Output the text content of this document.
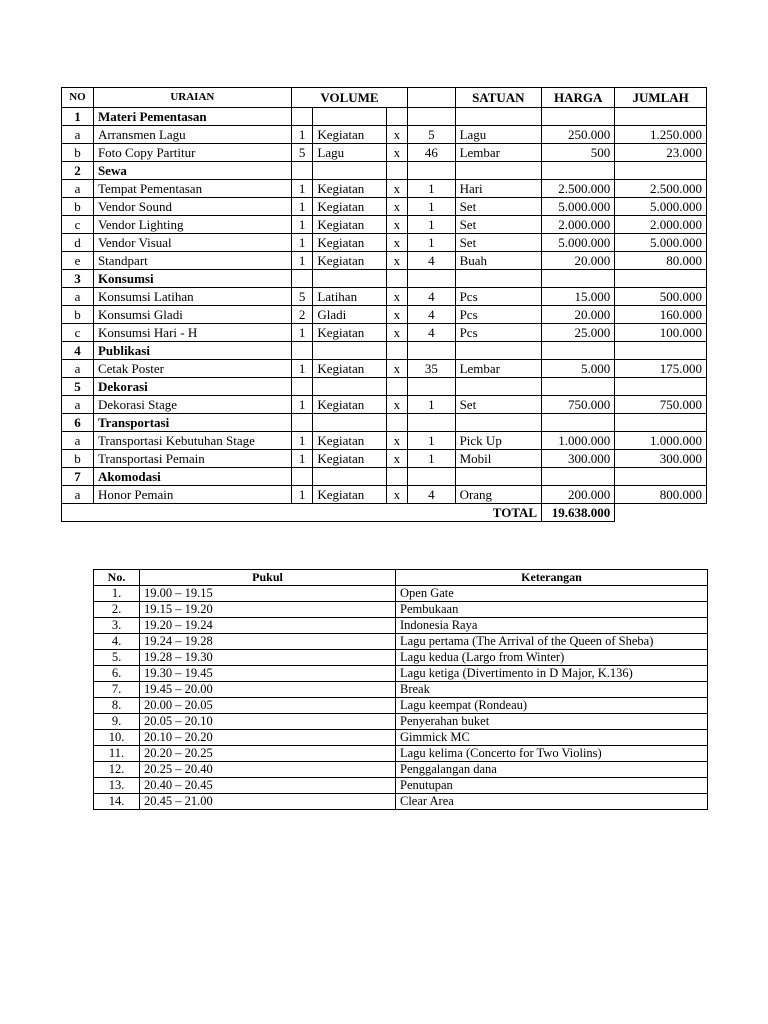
NO	URAIAN	VOLUME				SATUAN	HARGA	JUMLAH
1	Materi Pementasan							
a	Arransmen Lagu	1	Kegiatan	x	5	Lagu	250.000	1.250.000
b	Foto Copy Partitur	5	Lagu	x	46	Lembar	500	23.000
2	Sewa							
a	Tempat Pementasan	1	Kegiatan	x	1	Hari	2.500.000	2.500.000
b	Vendor Sound	1	Kegiatan	x	1	Set	5.000.000	5.000.000
c	Vendor Lighting	1	Kegiatan	x	1	Set	2.000.000	2.000.000
d	Vendor Visual	1	Kegiatan	x	1	Set	5.000.000	5.000.000
e	Standpart	1	Kegiatan	x	4	Buah	20.000	80.000
3	Konsumsi							
a	Konsumsi Latihan	5	Latihan	x	4	Pcs	15.000	500.000
b	Konsumsi Gladi	2	Gladi	x	4	Pcs	20.000	160.000
c	Konsumsi Hari - H	1	Kegiatan	x	4	Pcs	25.000	100.000
4	Publikasi							
a	Cetak Poster	1	Kegiatan	x	35	Lembar	5.000	175.000
5	Dekorasi							
a	Dekorasi Stage	1	Kegiatan	x	1	Set	750.000	750.000
6	Transportasi							
a	Transportasi Kebutuhan Stage	1	Kegiatan	x	1	Pick Up	1.000.000	1.000.000
b	Transportasi Pemain	1	Kegiatan	x	1	Mobil	300.000	300.000
7	Akomodasi							
a	Honor Pemain	1	Kegiatan	x	4	Orang	200.000	800.000
TOTAL							19.638.000	
No.	Pukul	Keterangan
1.	19.00 – 19.15	Open Gate
2.	19.15 – 19.20	Pembukaan
3.	19.20 – 19.24	Indonesia Raya
4.	19.24 – 19.28	Lagu pertama (The Arrival of the Queen of Sheba)
5.	19.28 – 19.30	Lagu kedua (Largo from Winter)
6.	19.30 – 19.45	Lagu ketiga (Divertimento in D Major, K.136)
7.	19.45 – 20.00	Break
8.	20.00 – 20.05	Lagu keempat (Rondeau)
9.	20.05 – 20.10	Penyerahan buket
10.	20.10 – 20.20	Gimmick MC
11.	20.20 – 20.25	Lagu kelima (Concerto for Two Violins)
12.	20.25 – 20.40	Penggalangan dana
13.	20.40 – 20.45	Penutupan
14.	20.45 – 21.00	Clear Area
